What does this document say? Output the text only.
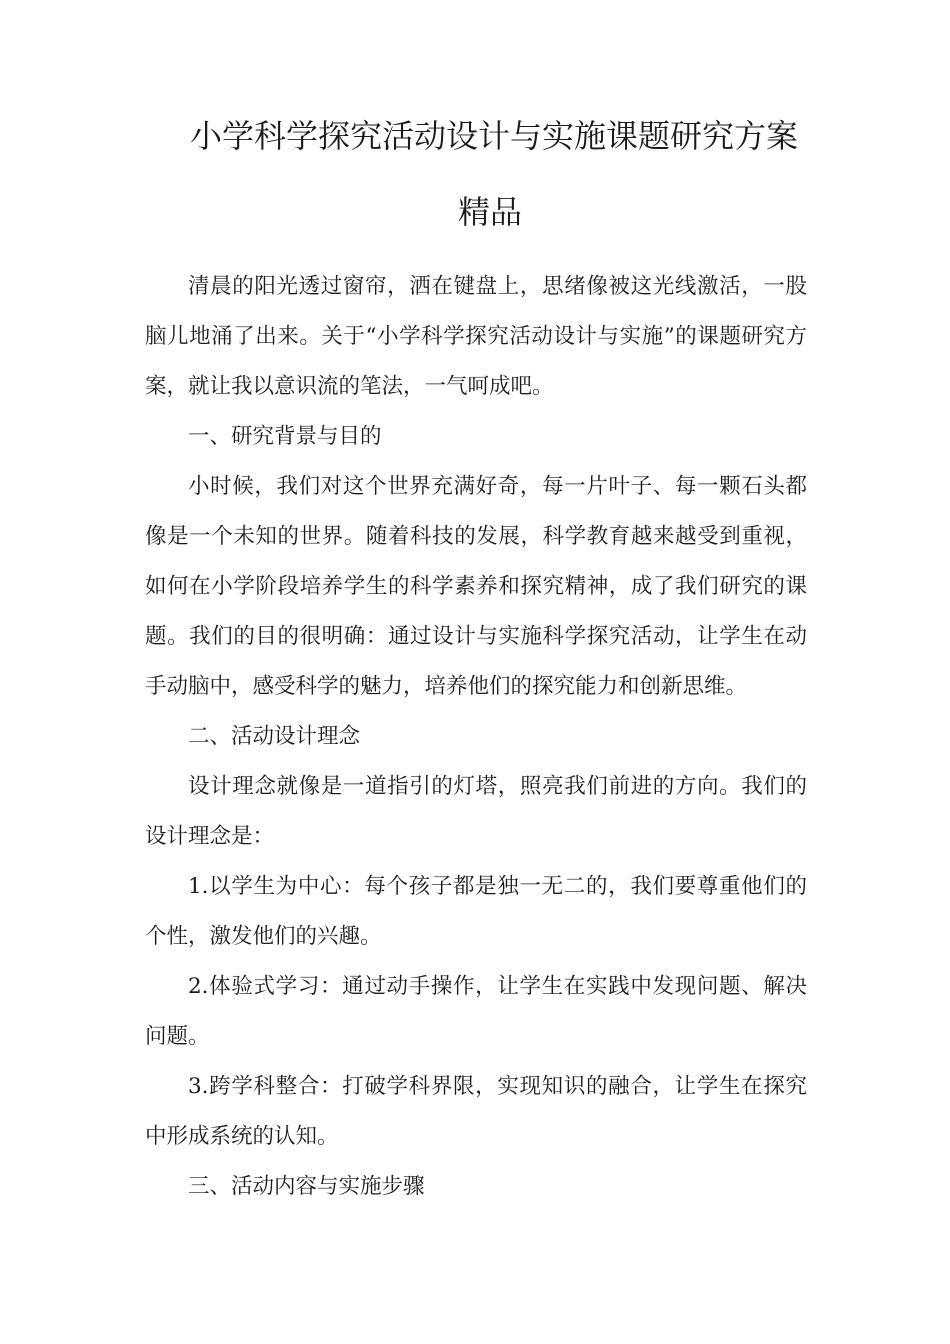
小学科学探究活动设计与实施课题研究方案
精品

清晨的阳光透过窗帘，洒在键盘上，思绪像被这光线激活，一股脑儿地涌了出来。关于“小学科学探究活动设计与实施”的课题研究方案，就让我以意识流的笔法，一气呵成吧。

一、研究背景与目的

小时候，我们对这个世界充满好奇，每一片叶子、每一颗石头都像是一个未知的世界。随着科技的发展，科学教育越来越受到重视，如何在小学阶段培养学生的科学素养和探究精神，成了我们研究的课题。我们的目的很明确：通过设计与实施科学探究活动，让学生在动手动脑中，感受科学的魅力，培养他们的探究能力和创新思维。

二、活动设计理念

设计理念就像是一道指引的灯塔，照亮我们前进的方向。我们的设计理念是：

1.以学生为中心：每个孩子都是独一无二的，我们要尊重他们的个性，激发他们的兴趣。

2.体验式学习：通过动手操作，让学生在实践中发现问题、解决问题。

3.跨学科整合：打破学科界限，实现知识的融合，让学生在探究中形成系统的认知。

三、活动内容与实施步骤
